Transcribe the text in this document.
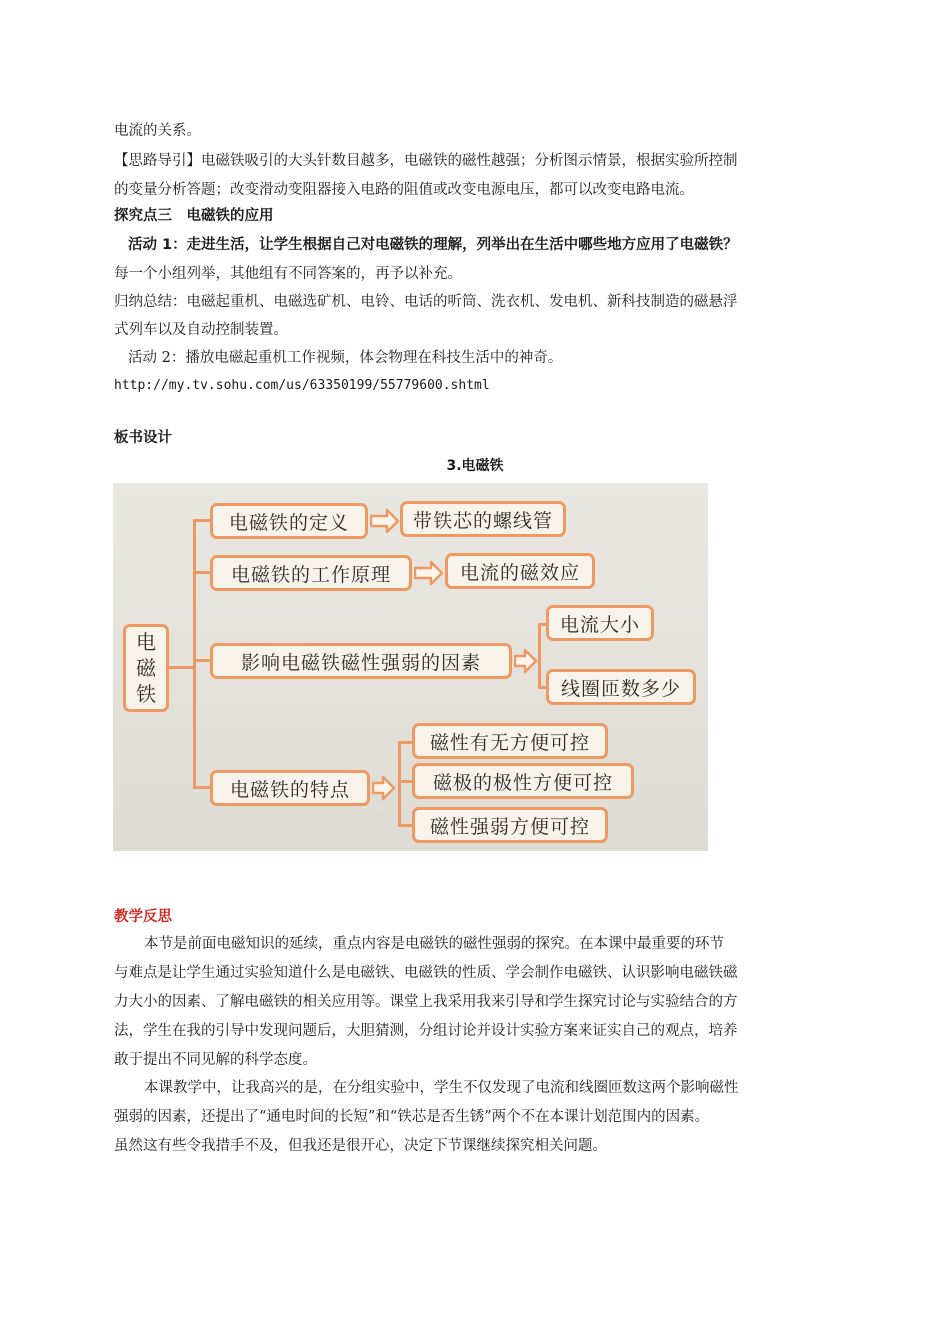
电流的关系。
【思路导引】电磁铁吸引的大头针数目越多，电磁铁的磁性越强；分析图示情景，根据实验所控制
的变量分析答题；改变滑动变阻器接入电路的阻值或改变电源电压，都可以改变电路电流。
探究点三　电磁铁的应用
活动 1：走进生活，让学生根据自己对电磁铁的理解，列举出在生活中哪些地方应用了电磁铁？
每一个小组列举，其他组有不同答案的，再予以补充。
归纳总结：电磁起重机、电磁选矿机、电铃、电话的听筒、洗衣机、发电机、新科技制造的磁悬浮
式列车以及自动控制装置。
活动 2：播放电磁起重机工作视频，体会物理在科技生活中的神奇。
http://my.tv.sohu.com/us/63350199/55779600.shtml
板书设计
3.电磁铁
电
磁
铁
电磁铁的定义
电磁铁的工作原理
影响电磁铁磁性强弱的因素
电磁铁的特点
带铁芯的螺线管
电流的磁效应
电流大小
线圈匝数多少
磁性有无方便可控
磁极的极性方便可控
磁性强弱方便可控
教学反思
本节是前面电磁知识的延续，重点内容是电磁铁的磁性强弱的探究。在本课中最重要的环节
与难点是让学生通过实验知道什么是电磁铁、电磁铁的性质、学会制作电磁铁、认识影响电磁铁磁
力大小的因素、了解电磁铁的相关应用等。课堂上我采用我来引导和学生探究讨论与实验结合的方
法，学生在我的引导中发现问题后，大胆猜测，分组讨论并设计实验方案来证实自己的观点，培养
敢于提出不同见解的科学态度。
本课教学中，让我高兴的是，在分组实验中，学生不仅发现了电流和线圈匝数这两个影响磁性
强弱的因素，还提出了“通电时间的长短”和“铁芯是否生锈”两个不在本课计划范围内的因素。
虽然这有些令我措手不及，但我还是很开心，决定下节课继续探究相关问题。
